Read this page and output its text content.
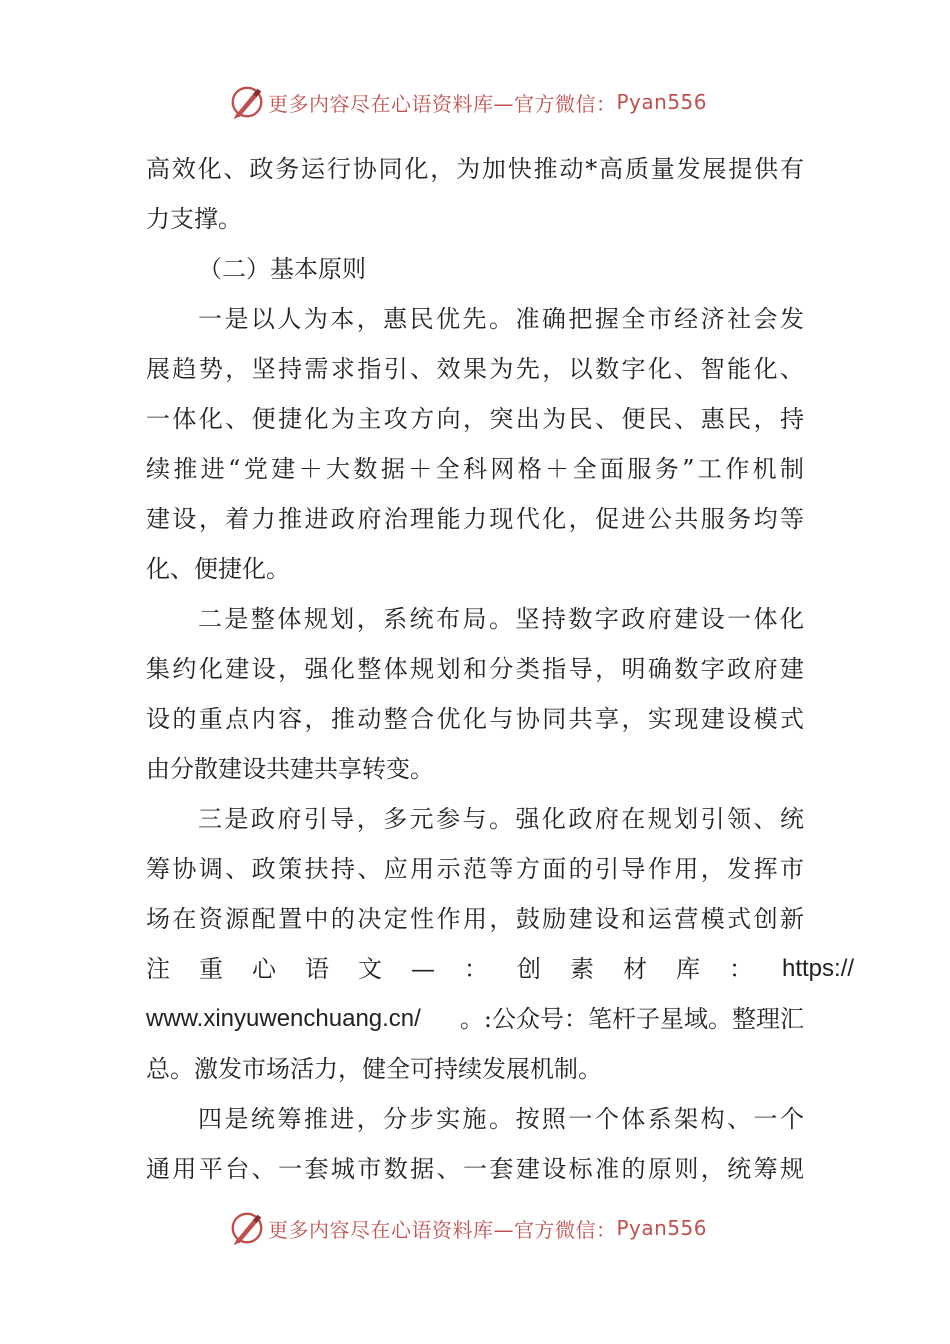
更多内容尽在心语资料库—官方微信： Pyan556
高效化、政务运行协同化，为加快推动*高质量发展提供有
力支撑。
（二）基本原则
一是以人为本，惠民优先。准确把握全市经济社会发
展趋势，坚持需求指引、效果为先，以数字化、智能化、
一体化、便捷化为主攻方向，突出为民、便民、惠民，持
续推进“党建＋大数据＋全科网格＋全面服务”工作机制
建设，着力推进政府治理能力现代化，促进公共服务均等
化、便捷化。
二是整体规划，系统布局。坚持数字政府建设一体化
集约化建设，强化整体规划和分类指导，明确数字政府建
设的重点内容，推动整合优化与协同共享，实现建设模式
由分散建设共建共享转变。
三是政府引导，多元参与。强化政府在规划引领、统
筹协调、政策扶持、应用示范等方面的引导作用，发挥市
场在资源配置中的决定性作用，鼓励建设和运营模式创新
注重心语文—：创素材库： https://
www.xinyuwenchuang.cn/ 。:公众号：笔杆子星域。整理汇
总。激发市场活力，健全可持续发展机制。
四是统筹推进，分步实施。按照一个体系架构、一个
通用平台、一套城市数据、一套建设标准的原则，统筹规
更多内容尽在心语资料库—官方微信： Pyan556
